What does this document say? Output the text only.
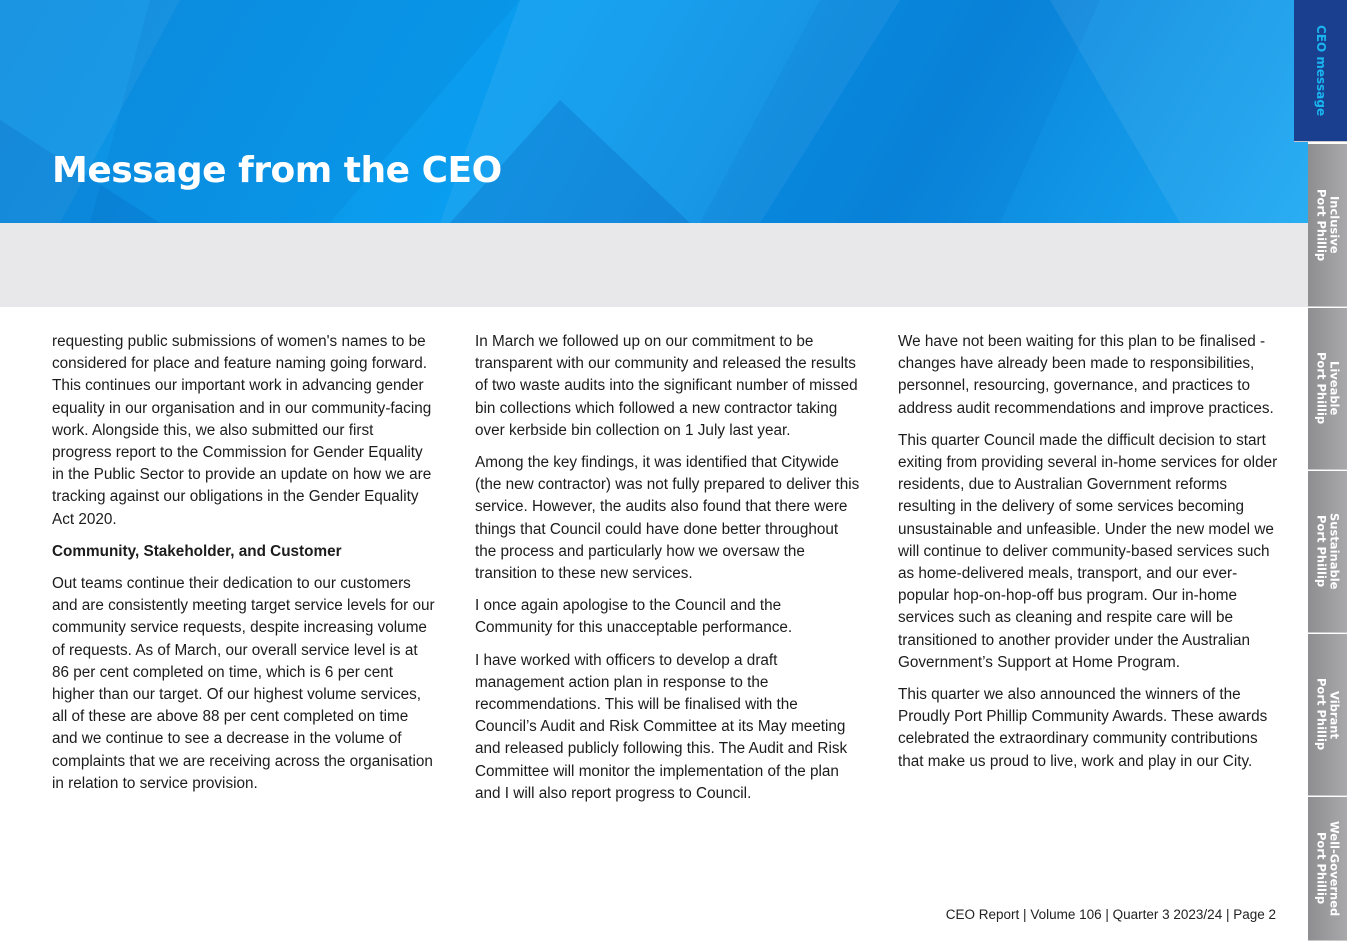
Message from the CEO

requesting public submissions of women's names to be considered for place and feature naming going forward. This continues our important work in advancing gender equality in our organisation and in our community-facing work. Alongside this, we also submitted our first progress report to the Commission for Gender Equality in the Public Sector to provide an update on how we are tracking against our obligations in the Gender Equality Act 2020.

Community, Stakeholder, and Customer

Out teams continue their dedication to our customers and are consistently meeting target service levels for our community service requests, despite increasing volume of requests. As of March, our overall service level is at 86 per cent completed on time, which is 6 per cent higher than our target. Of our highest volume services, all of these are above 88 per cent completed on time and we continue to see a decrease in the volume of complaints that we are receiving across the organisation in relation to service provision.

In March we followed up on our commitment to be transparent with our community and released the results of two waste audits into the significant number of missed bin collections which followed a new contractor taking over kerbside bin collection on 1 July last year.

Among the key findings, it was identified that Citywide (the new contractor) was not fully prepared to deliver this service. However, the audits also found that there were things that Council could have done better throughout the process and particularly how we oversaw the transition to these new services.

I once again apologise to the Council and the Community for this unacceptable performance.

I have worked with officers to develop a draft management action plan in response to the recommendations. This will be finalised with the Council’s Audit and Risk Committee at its May meeting and released publicly following this. The Audit and Risk Committee will monitor the implementation of the plan and I will also report progress to Council.

We have not been waiting for this plan to be finalised - changes have already been made to responsibilities, personnel, resourcing, governance, and practices to address audit recommendations and improve practices.

This quarter Council made the difficult decision to start exiting from providing several in-home services for older residents, due to Australian Government reforms resulting in the delivery of some services becoming unsustainable and unfeasible. Under the new model we will continue to deliver community-based services such as home-delivered meals, transport, and our ever-popular hop-on-hop-off bus program. Our in-home services such as cleaning and respite care will be transitioned to another provider under the Australian Government’s Support at Home Program.

This quarter we also announced the winners of the Proudly Port Phillip Community Awards. These awards celebrated the extraordinary community contributions that make us proud to live, work and play in our City.

CEO Report | Volume 106 | Quarter 3 2023/24 | Page 2
CEO message
Inclusive
Port Phillip
Liveable
Port Phillip
Sustainable
Port Phillip
Vibrant
Port Phillip
Well-Governed
Port Phillip
